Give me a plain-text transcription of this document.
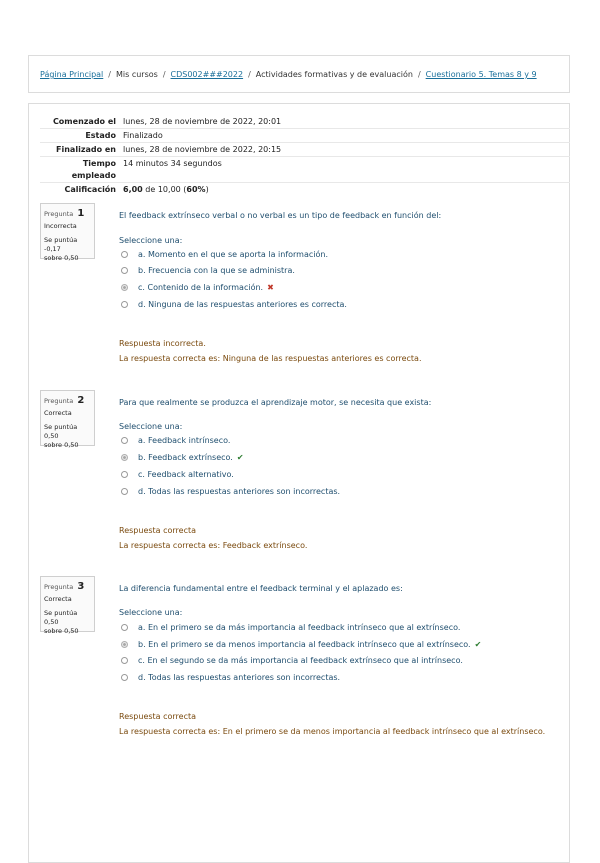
Página Principal / Mis cursos / CDS002###2022 / Actividades formativas y de evaluación / Cuestionario 5. Temas 8 y 9
Comenzado el lunes, 28 de noviembre de 2022, 20:01
Estado Finalizado
Finalizado en lunes, 28 de noviembre de 2022, 20:15
Tiempo
empleado
14 minutos 34 segundos
Calificación 6,00 de 10,00 (60%)
Pregunta 1
Incorrecta
Se puntúa -0,17
sobre 0,50
El feedback extrínseco verbal o no verbal es un tipo de feedback en función del:
Seleccione una:
a. Momento en el que se aporta la información.
b. Frecuencia con la que se administra.
c. Contenido de la información. ✖
d. Ninguna de las respuestas anteriores es correcta.
Respuesta incorrecta.
La respuesta correcta es: Ninguna de las respuestas anteriores es correcta.
Pregunta 2
Correcta
Se puntúa 0,50
sobre 0,50
Para que realmente se produzca el aprendizaje motor, se necesita que exista:
Seleccione una:
a. Feedback intrínseco.
b. Feedback extrínseco. ✔
c. Feedback alternativo.
d. Todas las respuestas anteriores son incorrectas.
Respuesta correcta
La respuesta correcta es: Feedback extrínseco.
Pregunta 3
Correcta
Se puntúa 0,50
sobre 0,50
La diferencia fundamental entre el feedback terminal y el aplazado es:
Seleccione una:
a. En el primero se da más importancia al feedback intrínseco que al extrínseco.
b. En el primero se da menos importancia al feedback intrínseco que al extrínseco. ✔
c. En el segundo se da más importancia al feedback extrínseco que al intrínseco.
d. Todas las respuestas anteriores son incorrectas.
Respuesta correcta
La respuesta correcta es: En el primero se da menos importancia al feedback intrínseco que al extrínseco.
